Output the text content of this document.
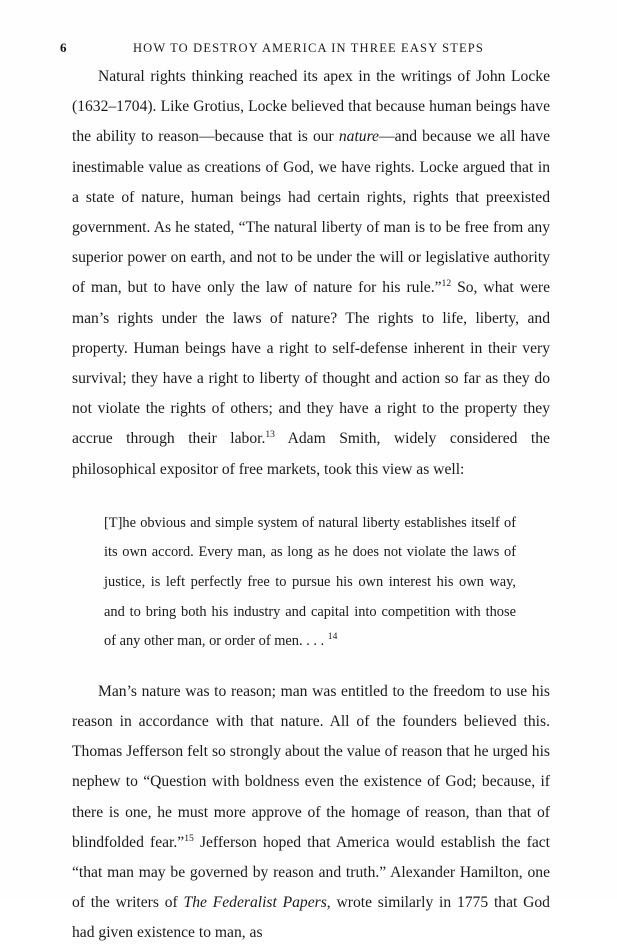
6	HOW TO DESTROY AMERICA IN THREE EASY STEPS

Natural rights thinking reached its apex in the writings of John Locke (1632–1704). Like Grotius, Locke believed that because human beings have the ability to reason—because that is our nature—and because we all have inestimable value as creations of God, we have rights. Locke argued that in a state of nature, human beings had certain rights, rights that preexisted government. As he stated, “The natural liberty of man is to be free from any superior power on earth, and not to be under the will or legislative authority of man, but to have only the law of nature for his rule.”$^{12}$ So, what were man’s rights under the laws of nature? The rights to life, liberty, and property. Human beings have a right to self-defense inherent in their very survival; they have a right to liberty of thought and action so far as they do not violate the rights of others; and they have a right to the property they accrue through their labor.$^{13}$ Adam Smith, widely considered the philosophical expositor of free markets, took this view as well:

[T]he obvious and simple system of natural liberty establishes itself of its own accord. Every man, as long as he does not violate the laws of justice, is left perfectly free to pursue his own interest his own way, and to bring both his industry and capital into competition with those of any other man, or order of men. . . . $^{14}$

Man’s nature was to reason; man was entitled to the freedom to use his reason in accordance with that nature. All of the founders believed this. Thomas Jefferson felt so strongly about the value of reason that he urged his nephew to “Question with boldness even the existence of God; because, if there is one, he must more approve of the homage of reason, than that of blindfolded fear.”$^{15}$ Jefferson hoped that America would establish the fact “that man may be governed by reason and truth.” Alexander Hamilton, one of the writers of The Federalist Papers, wrote similarly in 1775 that God had given existence to man, as
